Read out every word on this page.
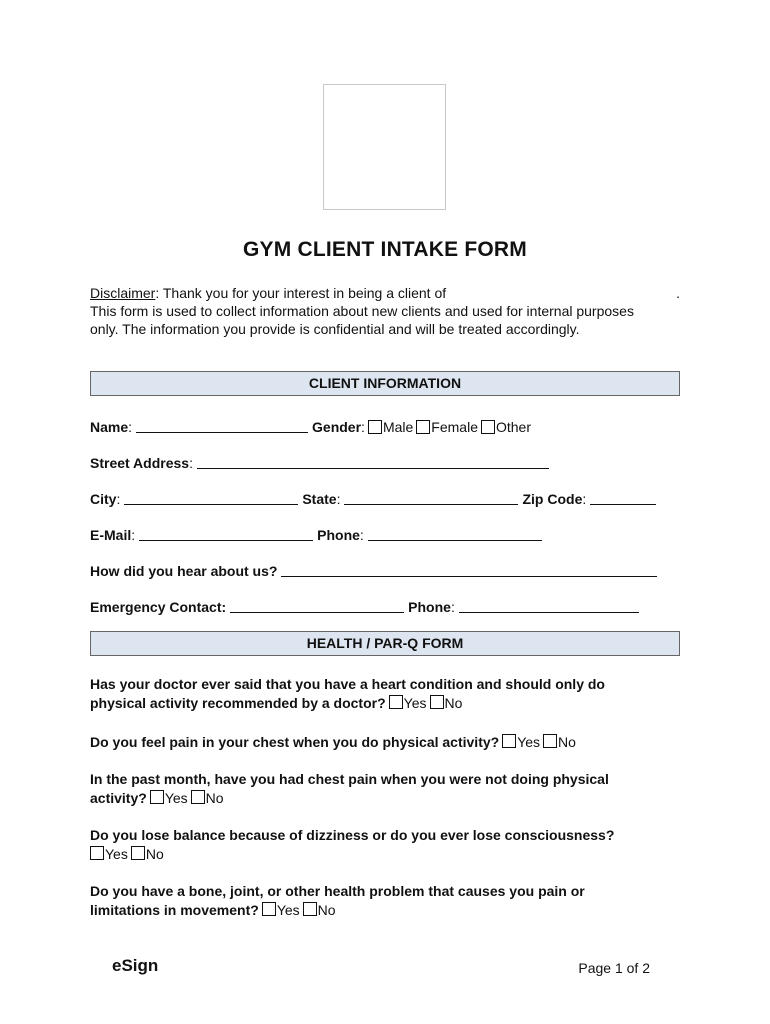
GYM CLIENT INTAKE FORM
Disclaimer: Thank you for your interest in being a client of	.
This form is used to collect information about new clients and used for internal purposes
only. The information you provide is confidential and will be treated accordingly.
CLIENT INFORMATION
Name :	Gender : Male Female Other
Street Address :
City :	State :	Zip Code :
E-Mail :	Phone :
How did you hear about us?
Emergency Contact:	Phone :
HEALTH / PAR-Q FORM
Has your doctor ever said that you have a heart condition and should only do
physical activity recommended by a doctor? Yes No
Do you feel pain in your chest when you do physical activity? Yes No
In the past month, have you had chest pain when you were not doing physical
activity? Yes No
Do you lose balance because of dizziness or do you ever lose consciousness?
Yes No
Do you have a bone, joint, or other health problem that causes you pain or
limitations in movement? Yes No
eSign	Page 1 of 2
